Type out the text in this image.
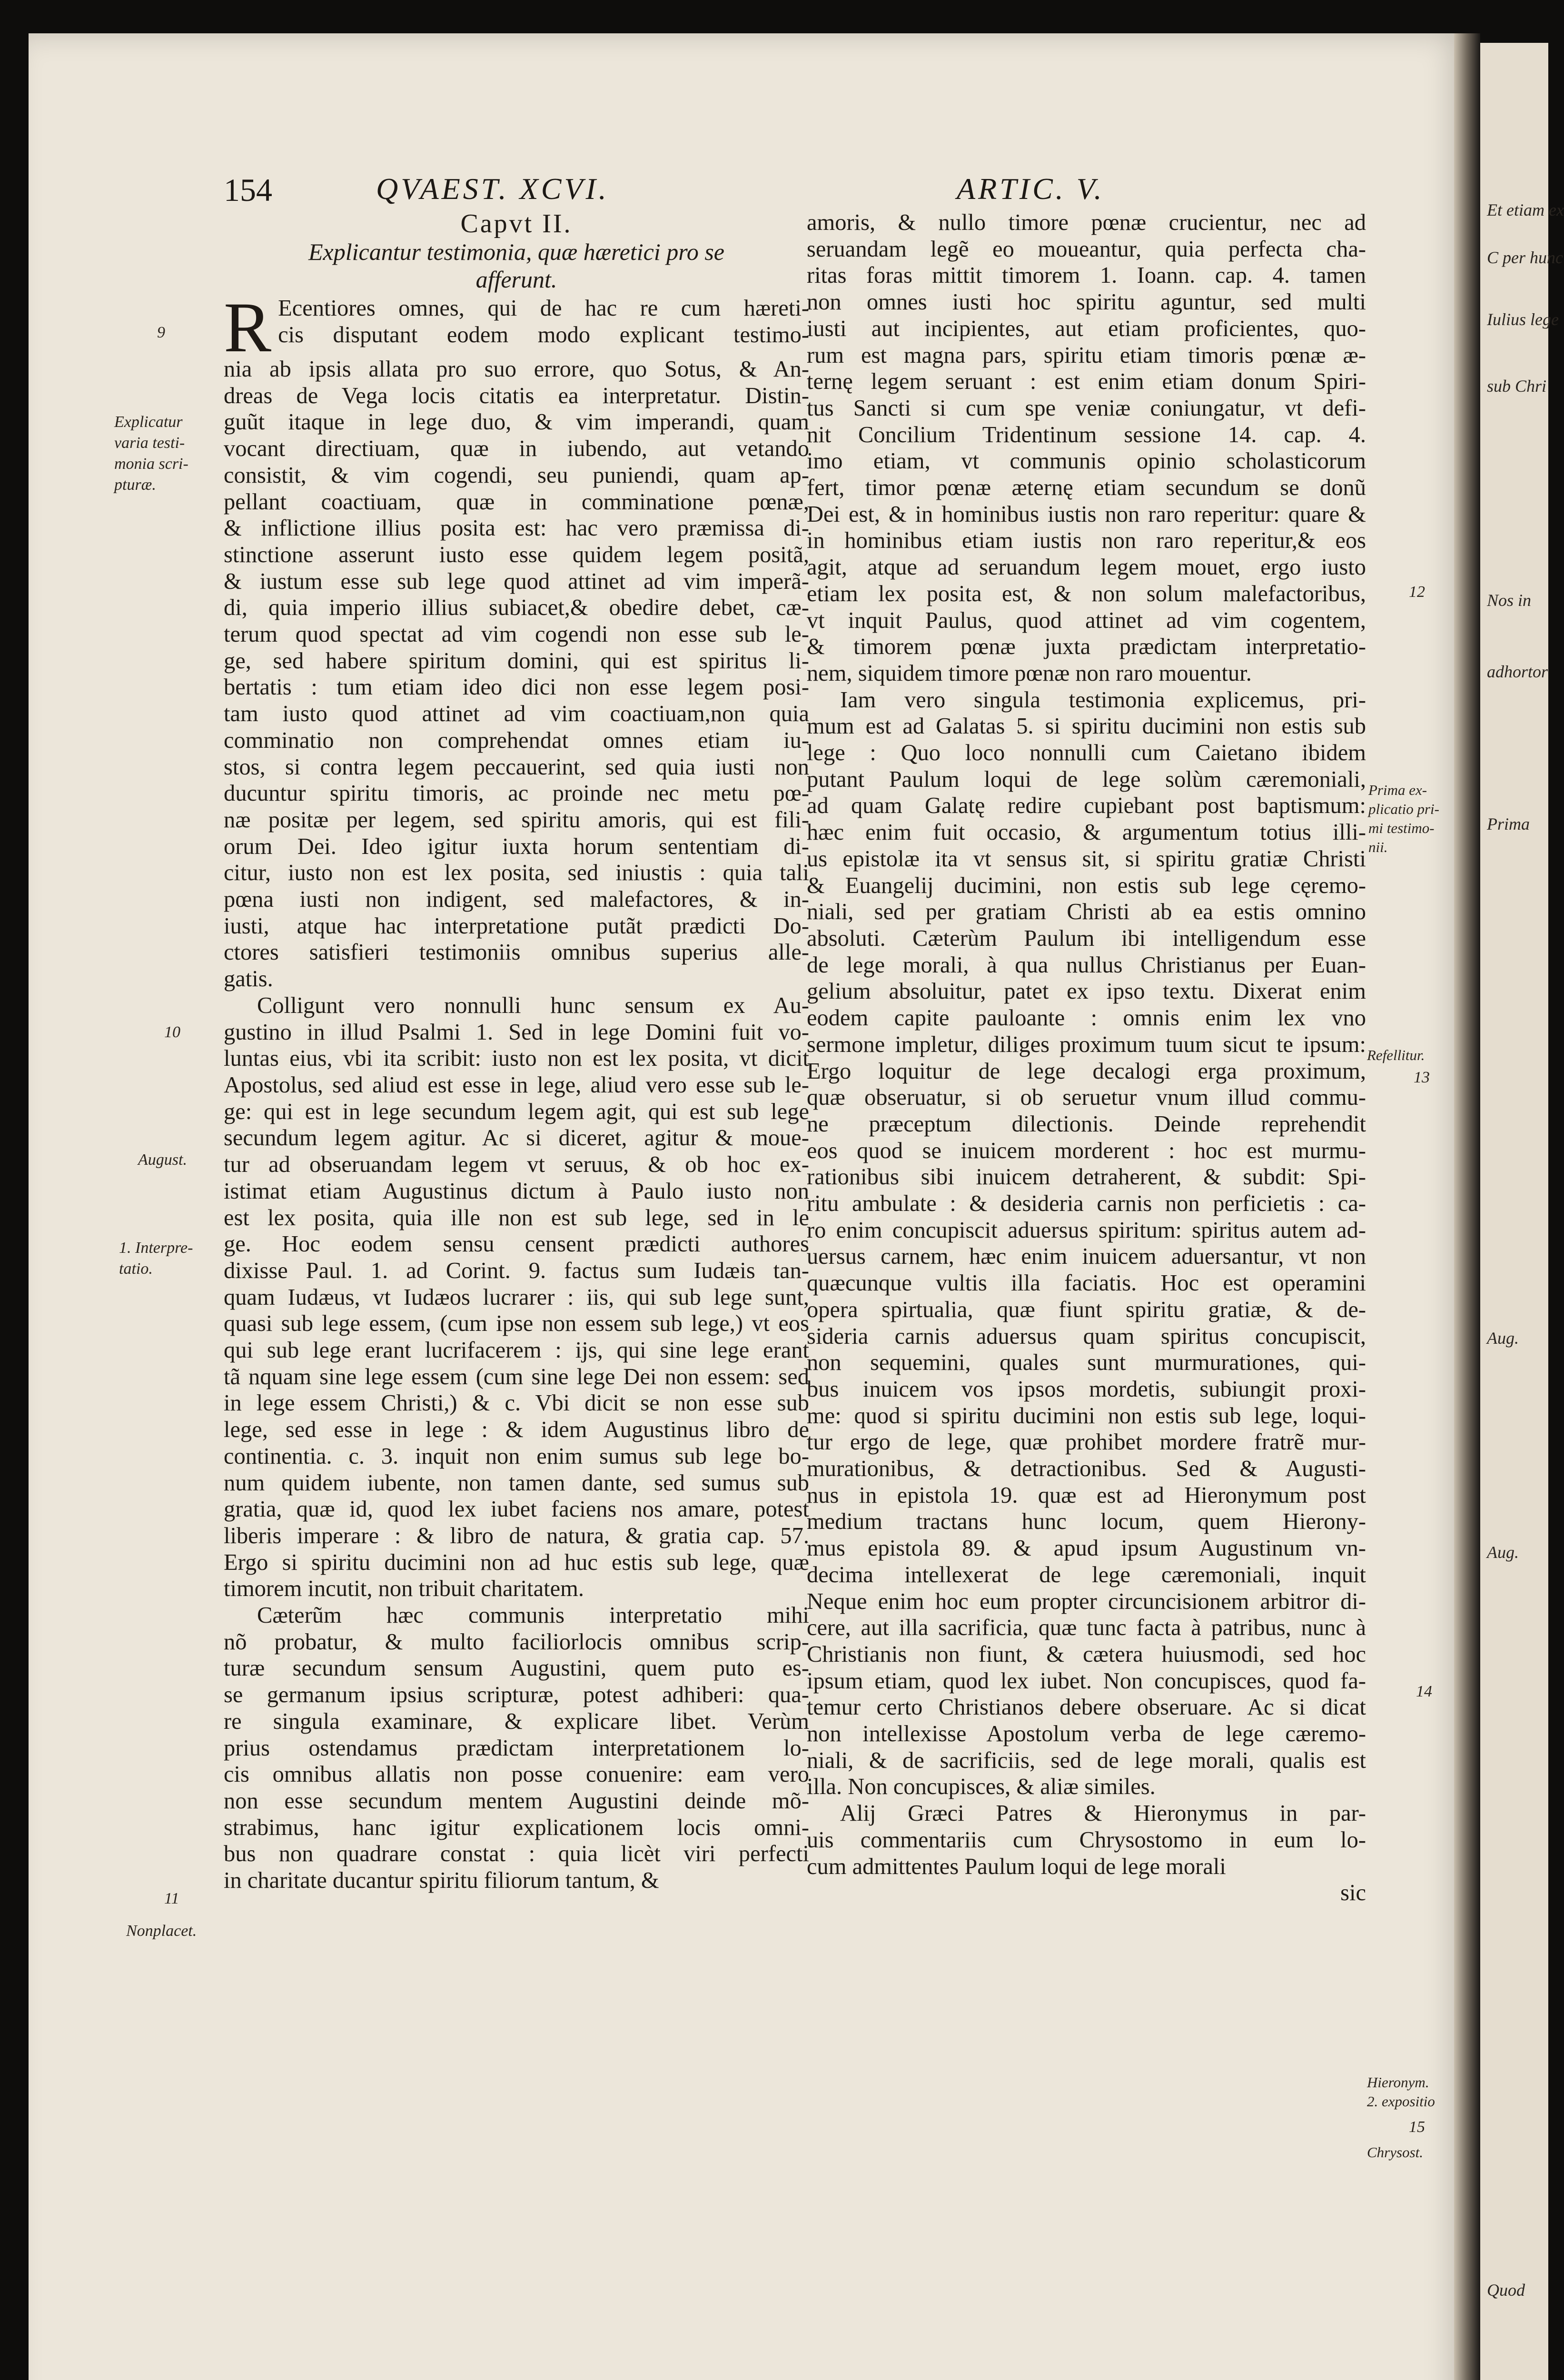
Et etiam ex
C per hunc
Iulius lege
sub Chri
Nos in
adhortor
Prima
Aug.
Aug.
Quod
154	QVAEST. XCVI.	ARTIC. V.

Capvt II.

Explicantur testimonia, quæ hæretici pro se
afferunt.

R Ecentiores omnes, qui de hac re cum hæreti-
cis disputant eodem modo explicant testimo-
nia ab ipsis allata pro suo errore, quo Sotus, & An-
dreas de Vega locis citatis ea interpretatur. Distin-
guũt itaque in lege duo, & vim imperandi, quam
vocant directiuam, quæ in iubendo, aut vetando
consistit, & vim cogendi, seu puniendi, quam ap-
pellant coactiuam, quæ in comminatione pœnæ,
& inflictione illius posita est: hac vero præmissa di-
stinctione asserunt iusto esse quidem legem positã,
& iustum esse sub lege quod attinet ad vim imperã-
di, quia imperio illius subiacet,& obedire debet, cæ-
terum quod spectat ad vim cogendi non esse sub le-
ge, sed habere spiritum domini, qui est spiritus li-
bertatis : tum etiam ideo dici non esse legem posi-
tam iusto quod attinet ad vim coactiuam,non quia
comminatio non comprehendat omnes etiam iu-
stos, si contra legem peccauerint, sed quia iusti non
ducuntur spiritu timoris, ac proinde nec metu pœ-
næ positæ per legem, sed spiritu amoris, qui est fili-
orum Dei. Ideo igitur iuxta horum sententiam di-
citur, iusto non est lex posita, sed iniustis : quia tali
pœna iusti non indigent, sed malefactores, & in-
iusti, atque hac interpretatione putãt prædicti Do-
ctores satisfieri testimoniis omnibus superius alle-
gatis.
Colligunt vero nonnulli hunc sensum ex Au-
gustino in illud Psalmi 1. Sed in lege Domini fuit vo-
luntas eius, vbi ita scribit: iusto non est lex posita, vt dicit
Apostolus, sed aliud est esse in lege, aliud vero esse sub le-
ge: qui est in lege secundum legem agit, qui est sub lege
secundum legem agitur. Ac si diceret, agitur & moue-
tur ad obseruandam legem vt seruus, & ob hoc ex-
istimat etiam Augustinus dictum à Paulo iusto non
est lex posita, quia ille non est sub lege, sed in le
ge. Hoc eodem sensu censent prædicti authores
dixisse Paul. 1. ad Corint. 9. factus sum Iudæis tan-
quam Iudæus, vt Iudæos lucrarer : iis, qui sub lege sunt,
quasi sub lege essem, (cum ipse non essem sub lege,) vt eos
qui sub lege erant lucrifacerem : ijs, qui sine lege erant
tã nquam sine lege essem (cum sine lege Dei non essem: sed
in lege essem Christi,) & c. Vbi dicit se non esse sub
lege, sed esse in lege : & idem Augustinus libro de
continentia. c. 3. inquit non enim sumus sub lege bo-
num quidem iubente, non tamen dante, sed sumus sub
gratia, quæ id, quod lex iubet faciens nos amare, potest
liberis imperare : & libro de natura, & gratia cap. 57.
Ergo si spiritu ducimini non ad huc estis sub lege, quæ
timorem incutit, non tribuit charitatem.
Cæterũm hæc communis interpretatio mihi
nõ probatur, & multo faciliorlocis omnibus scrip-
turæ secundum sensum Augustini, quem puto es-
se germanum ipsius scripturæ, potest adhiberi: qua-
re singula examinare, & explicare libet. Verùm
prius ostendamus prædictam interpretationem lo-
cis omnibus allatis non posse conuenire: eam vero
non esse secundum mentem Augustini deinde mõ-
strabimus, hanc igitur explicationem locis omni-
bus non quadrare constat : quia licèt viri perfecti
in charitate ducantur spiritu filiorum tantum, &
amoris, & nullo timore pœnæ crucientur, nec ad
seruandam legẽ eo moueantur, quia perfecta cha-
ritas foras mittit timorem 1. Ioann. cap. 4. tamen
non omnes iusti hoc spiritu aguntur, sed multi
iusti aut incipientes, aut etiam proficientes, quo-
rum est magna pars, spiritu etiam timoris pœnæ æ-
ternę legem seruant : est enim etiam donum Spiri-
tus Sancti si cum spe veniæ coniungatur, vt defi-
nit Concilium Tridentinum sessione 14. cap. 4.
imo etiam, vt communis opinio scholasticorum
fert, timor pœnæ æternę etiam secundum se donũ
Dei est, & in hominibus iustis non raro reperitur: quare &
in hominibus etiam iustis non raro reperitur,& eos
agit, atque ad seruandum legem mouet, ergo iusto
etiam lex posita est, & non solum malefactoribus,
vt inquit Paulus, quod attinet ad vim cogentem,
& timorem pœnæ juxta prædictam interpretatio-
nem, siquidem timore pœnæ non raro mouentur.
Iam vero singula testimonia explicemus, pri-
mum est ad Galatas 5. si spiritu ducimini non estis sub
lege : Quo loco nonnulli cum Caietano ibidem
putant Paulum loqui de lege solùm cæremoniali,
ad quam Galatę redire cupiebant post baptismum:
hæc enim fuit occasio, & argumentum totius illi-
us epistolæ ita vt sensus sit, si spiritu gratiæ Christi
& Euangelij ducimini, non estis sub lege cęremo-
niali, sed per gratiam Christi ab ea estis omnino
absoluti. Cæterùm Paulum ibi intelligendum esse
de lege morali, à qua nullus Christianus per Euan-
gelium absoluitur, patet ex ipso textu. Dixerat enim
eodem capite pauloante : omnis enim lex vno
sermone impletur, diliges proximum tuum sicut te ipsum:
Ergo loquitur de lege decalogi erga proximum,
quæ obseruatur, si ob seruetur vnum illud commu-
ne præceptum dilectionis. Deinde reprehendit
eos quod se inuicem morderent : hoc est murmu-
rationibus sibi inuicem detraherent, & subdit: Spi-
ritu ambulate : & desideria carnis non perficietis : ca-
ro enim concupiscit aduersus spiritum: spiritus autem ad-
uersus carnem, hæc enim inuicem aduersantur, vt non
quæcunque vultis illa faciatis. Hoc est operamini
opera spirtualia, quæ fiunt spiritu gratiæ, & de-
sideria carnis aduersus quam spiritus concupiscit,
non sequemini, quales sunt murmurationes, qui-
bus inuicem vos ipsos mordetis, subiungit proxi-
me: quod si spiritu ducimini non estis sub lege, loqui-
tur ergo de lege, quæ prohibet mordere fratrẽ mur-
murationibus, & detractionibus. Sed & Augusti-
nus in epistola 19. quæ est ad Hieronymum post
medium tractans hunc locum, quem Hierony-
mus epistola 89. & apud ipsum Augustinum vn-
decima intellexerat de lege cæremoniali, inquit
Neque enim hoc eum propter circuncisionem arbitror di-
cere, aut illa sacrificia, quæ tunc facta à patribus, nunc à
Christianis non fiunt, & cætera huiusmodi, sed hoc
ipsum etiam, quod lex iubet. Non concupisces, quod fa-
temur certo Christianos debere obseruare. Ac si dicat
non intellexisse Apostolum verba de lege cæremo-
niali, & de sacrificiis, sed de lege morali, qualis est
illa. Non concupisces, & aliæ similes.
Alij Græci Patres & Hieronymus in par-
uis commentariis cum Chrysostomo in eum lo-
cum admittentes Paulum loqui de lege morali
sic
9
Explicatur
varia testi-
monia scri-
pturæ.
10
August.
1. Interpre-
tatio.
11
Nonplacet.
12
Prima ex-
plicatio pri-
mi testimo-
nii.
Refellitur.
13
14
Hieronym.
2. expositio
15
Chrysost.
